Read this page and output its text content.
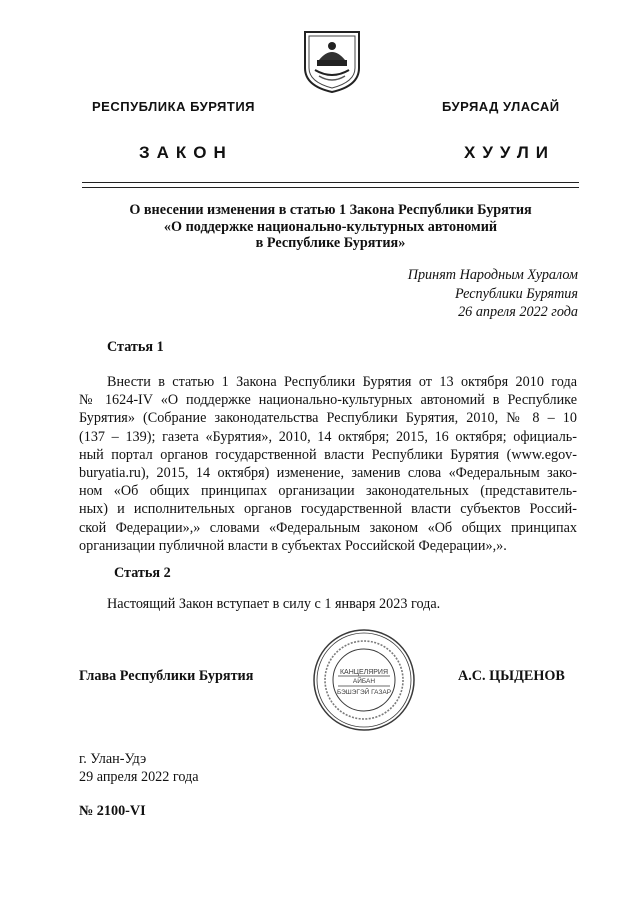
РЕСПУБЛИКА БУРЯТИЯ	БУРЯАД УЛАСАЙ
ЗАКОН	ХУУЛИ
О внесении изменения в статью 1 Закона Республики Бурятия
«О поддержке национально-культурных автономий
в Республике Бурятия»
Принят Народным Хуралом
Республики Бурятия
26 апреля 2022 года
Статья 1
Внести в статью 1 Закона Республики Бурятия от 13 октября 2010 года
№ 1624-IV «О поддержке национально-культурных автономий в Республике
Бурятия» (Собрание законодательства Республики Бурятия, 2010, № 8 – 10
(137 – 139); газета «Бурятия», 2010, 14 октября; 2015, 16 октября; официаль-
ный портал органов государственной власти Республики Бурятия (www.egov-
buryatia.ru), 2015, 14 октября) изменение, заменив слова «Федеральным зако-
ном «Об общих принципах организации законодательных (представитель-
ных) и исполнительных органов государственной власти субъектов Россий-
ской Федерации»,» словами «Федеральным законом «Об общих принципах
организации публичной власти в субъектах Российской Федерации»,».
Статья 2
Настоящий Закон вступает в силу с 1 января 2023 года.
Глава Республики Бурятия	КАНЦЕЛЯРИЯ
АЙБАН
БЭШЭГЭЙ ГАЗАР
А.С. ЦЫДЕНОВ
г. Улан-Удэ
29 апреля 2022 года
№ 2100-VI
